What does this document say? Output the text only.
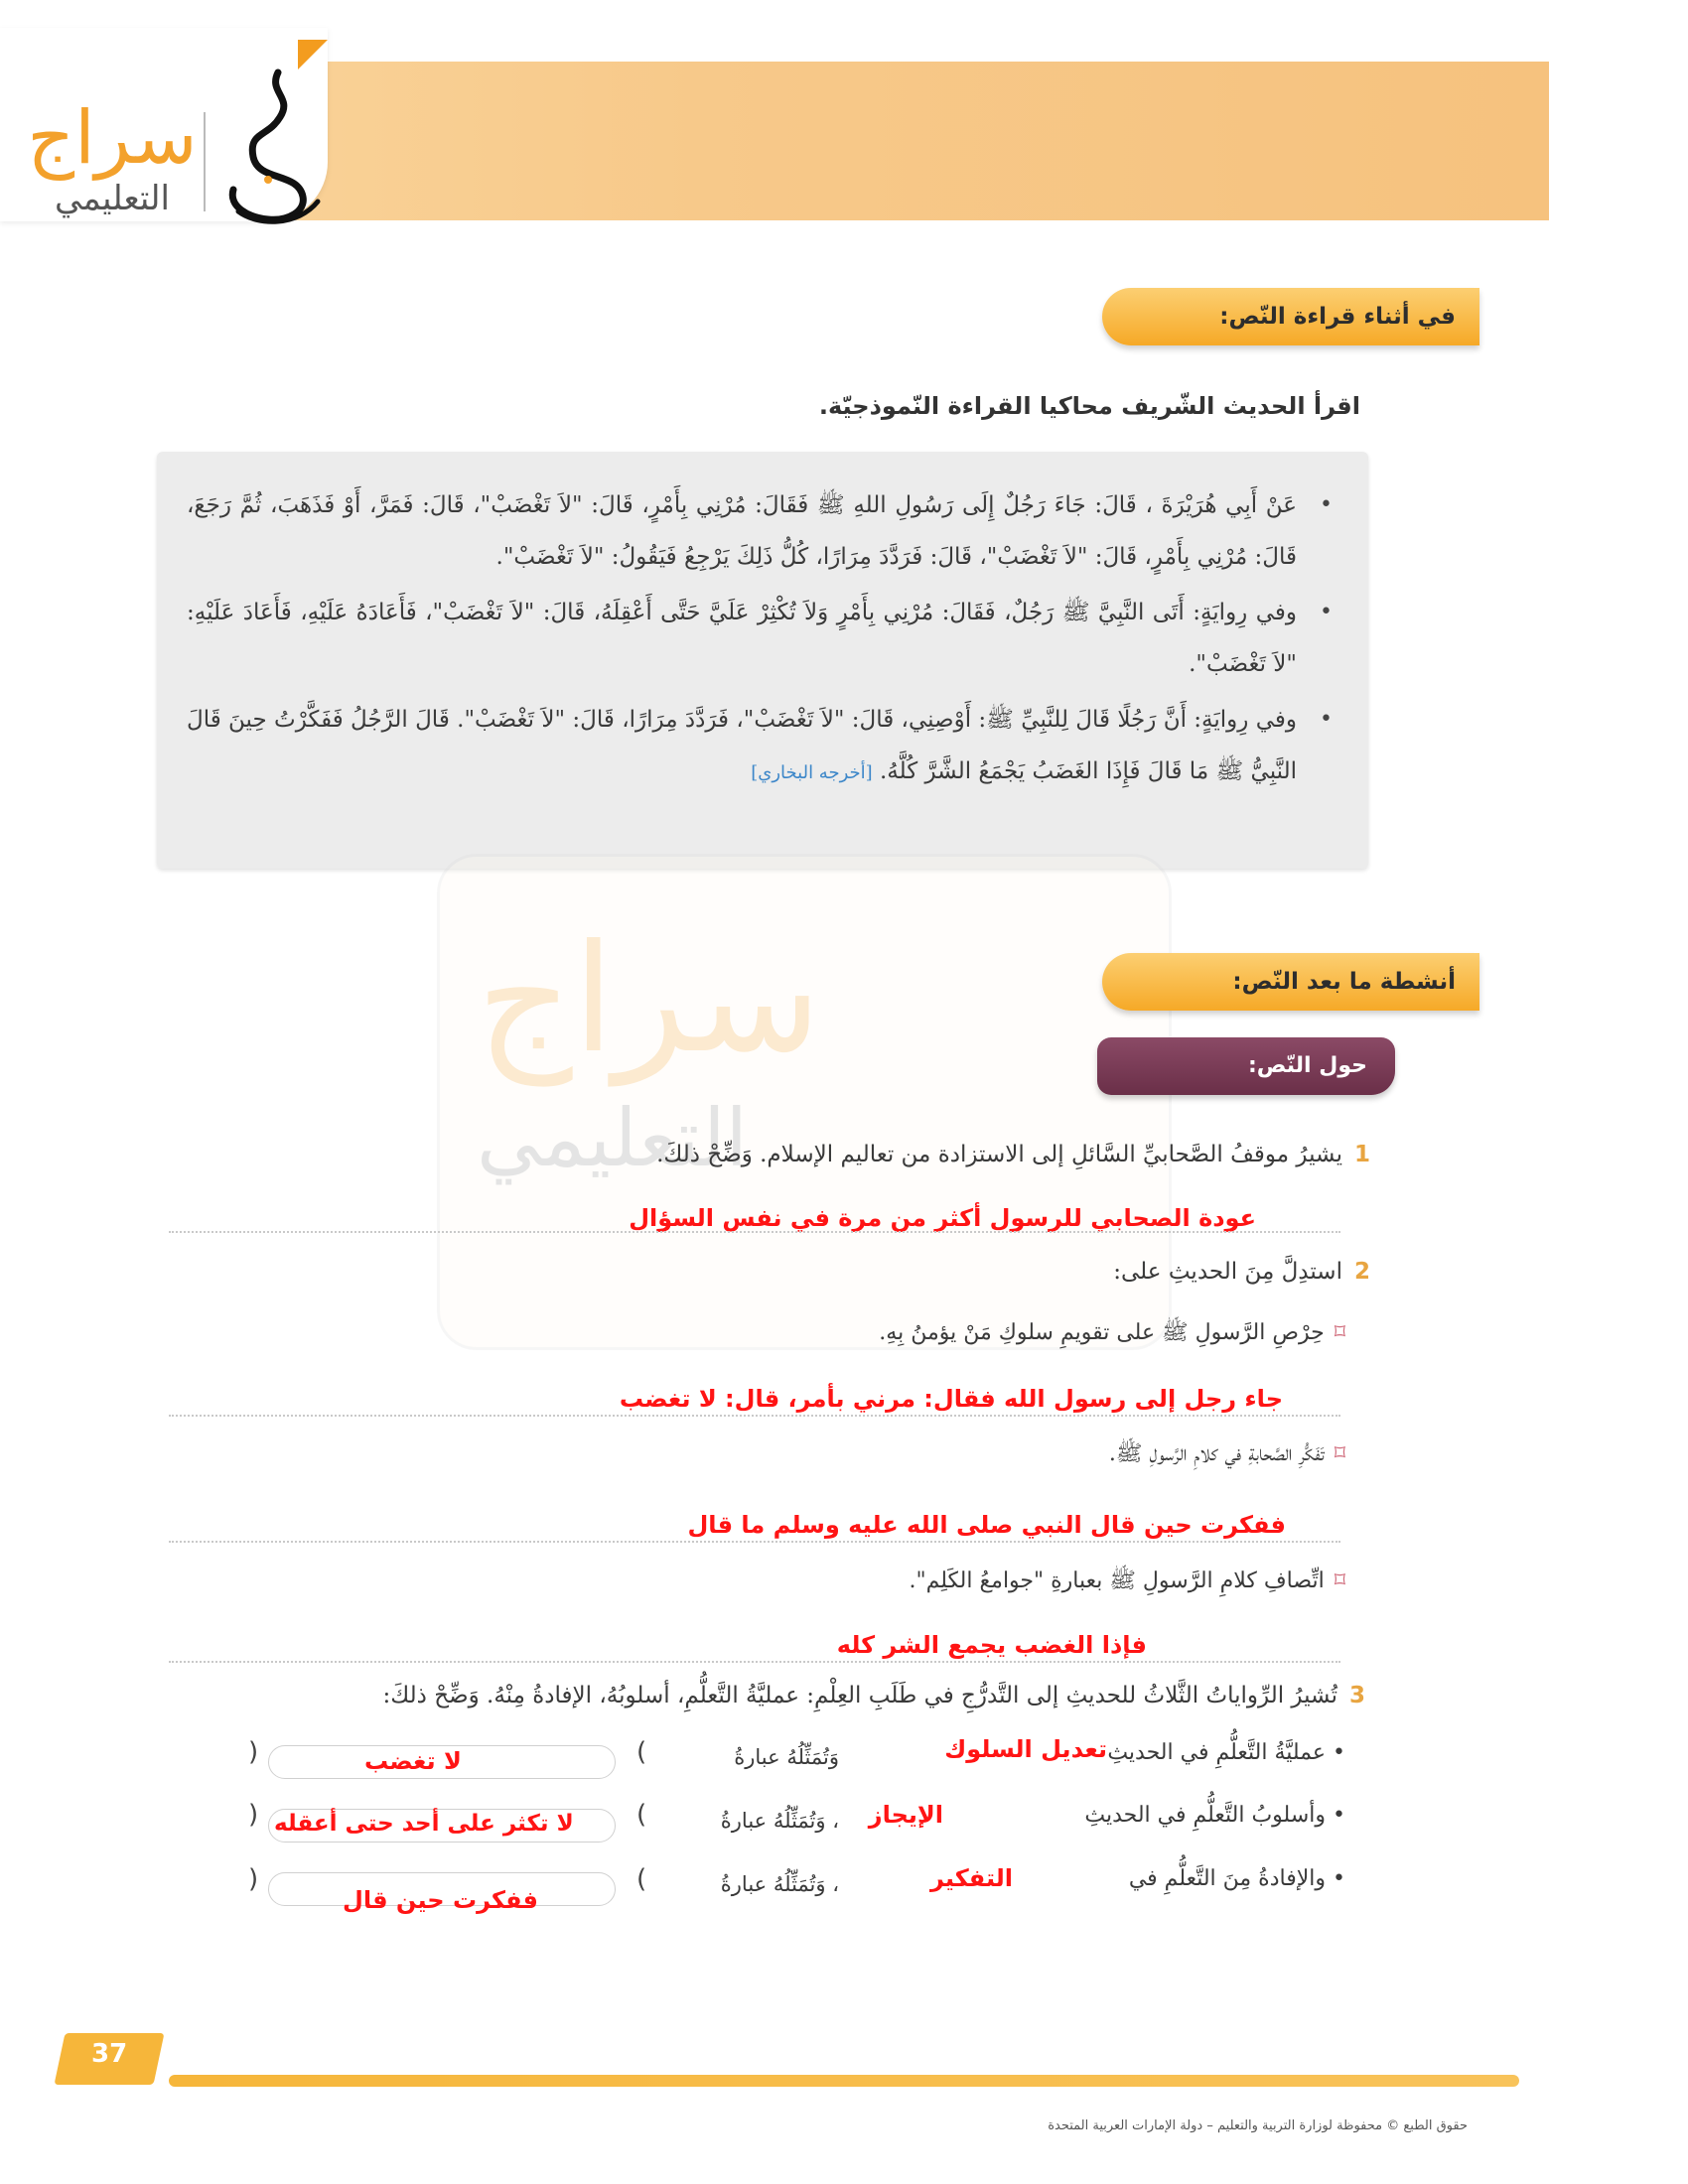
سراج
التعليمي
في أثناء قراءة النّص:
اقرأ الحديث الشّريف محاكيا القراءة النّموذجيّة.
•
عَنْ أَبِي هُرَيْرَةَ ، قَالَ: جَاءَ رَجُلٌ إِلَى رَسُولِ اللهِ ﷺ فَقَالَ: مُرْنِي بِأَمْرٍ، قَالَ: "لاَ تَغْضَبْ"، قَالَ: فَمَرَّ، أَوْ فَذَهَبَ، ثُمَّ رَجَعَ، قَالَ: مُرْنِي بِأَمْرٍ، قَالَ: "لاَ تَغْضَبْ"، قَالَ: فَرَدَّدَ مِرَارًا، كُلُّ ذَلِكَ يَرْجِعُ فَيَقُولُ: "لاَ تَغْضَبْ".
•
وفي رِوايَةٍ: أَتَى النَّبِيَّ ﷺ رَجُلٌ، فَقَالَ: مُرْنِي بِأَمْرٍ وَلاَ تُكْثِرْ عَلَيَّ حَتَّى أَعْقِلَهُ، قَالَ: "لاَ تَغْضَبْ"، فَأَعَادَهُ عَلَيْهِ، فَأَعَادَ عَلَيْهِ: "لاَ تَغْضَبْ".
•
وفي رِوايَةٍ: أَنَّ رَجُلًا قَالَ لِلنَّبِيِّ ﷺ: أَوْصِنِي، قَالَ: "لاَ تَغْضَبْ"، فَرَدَّدَ مِرَارًا، قَالَ: "لاَ تَغْضَبْ". قَالَ الرَّجُلُ فَفَكَّرْتُ حِينَ قَالَ النَّبِيُّ ﷺ مَا قَالَ فَإِذَا الغَضَبُ يَجْمَعُ الشَّرَّ كُلَّهُ. [أخرجه البخاري]
سراج
التعليمي
أنشطة ما بعد النّص:
حول النّص:
1يشيرُ موقفُ الصَّحابيِّ السَّائلِ إلى الاستزادة من تعاليم الإسلام. وَضِّحْ ذلكَ.
عودة الصحابي للرسول أكثر من مرة في نفس السؤال
2استدِلَّ مِنَ الحديثِ على:
⌑حِرْصِ الرَّسولِ ﷺ على تقويمِ سلوكِ مَنْ يؤمنُ بِهِ.
جاء رجل إلى رسول الله فقال: مرني بأمر، قال: لا تغضب
⌑تَفَكُّرِ الصَّحابةِ في كلامِ الرَّسولِ ﷺ.
ففكرت حين قال النبي صلى الله عليه وسلم ما قال
⌑اتِّصافِ كلامِ الرَّسولِ ﷺ بعبارةِ "جوامعُ الكَلِم".
فإذا الغضب يجمع الشر كله
3تُشيرُ الرِّواياتُ الثَّلاثُ للحديثِ إلى التَّدرُّجِ في طَلَبِ العِلْمِ: عمليَّةُ التَّعلُّمِ، أسلوبُهُ، الإفادةُ مِنْهُ. وَضِّحْ ذلكَ:
• عمليَّةُ التَّعلُّمِ في الحديثِ
تعديل السلوك
وَتُمَثِّلُهُ عبارةُ
(
)	لا تغضب
• وأسلوبُ التَّعلُّمِ في الحديثِ
الإيجاز
، وَتُمَثِّلُهُ عبارةُ
(
) لا تكثر على أحد حتى أعقله
• والإفادةُ مِنَ التَّعلُّمِ في
التفكير
، وَتُمَثِّلُهُ عبارةُ
(
)
ففكرت حين قال
37
حقوق الطبع © محفوظة لوزارة التربية والتعليم – دولة الإمارات العربية المتحدة
